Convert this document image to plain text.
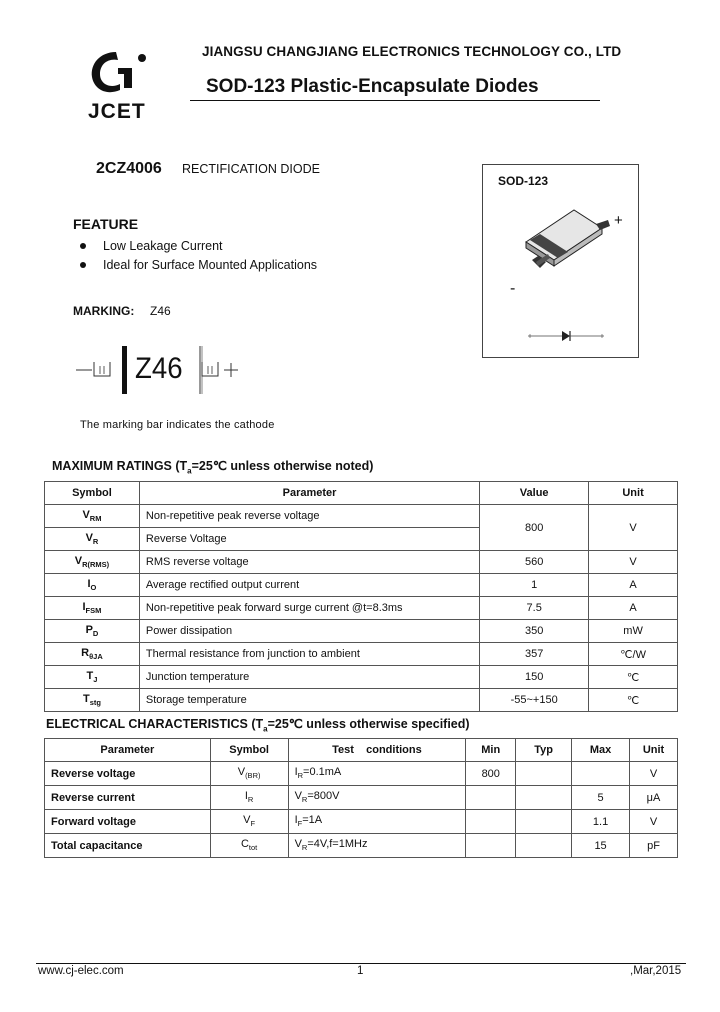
JCET
JIANGSU CHANGJIANG ELECTRONICS TECHNOLOGY CO., LTD
SOD-123 Plastic-Encapsulate Diodes
2CZ4006 RECTIFICATION DIODE
FEATURE
Low Leakage Current
Ideal for Surface Mounted Applications
MARKING: Z46
Z46
The marking bar indicates the cathode
SOD-123
+
-
MAXIMUM RATINGS ($T_a=25℃$ unless otherwise noted)
Symbol	Parameter	Value	Unit
$V_{RM}$	Non-repetitive peak reverse voltage	800	V
$V_R$	Reverse Voltage		
$V_{R(RMS)}$	RMS reverse voltage	560	V
$I_O$	Average rectified output current	1	A
$I_{FSM}$	Non-repetitive peak forward surge current @t=8.3ms	7.5	A
$P_D$	Power dissipation	350	mW
$R_{\theta JA}$	Thermal resistance from junction to ambient	357	℃/W
$T_J$	Junction temperature	150	℃
$T_{stg}$	Storage temperature	-55~+150	℃
ELECTRICAL CHARACTERISTICS ($T_a=25℃$ unless otherwise specified)
Parameter	Symbol	Test    conditions	Min	Typ	Max	Unit
Reverse voltage	$V_{(BR)}$	$I_R=0.1mA$	800			V
Reverse current	$I_R$	$V_R=800V$			5	μA
Forward voltage	$V_F$	$I_F=1A$			1.1	V
Total capacitance	$C_{tot}$	$V_R=4V,f=1MHz$			15	pF
www.cj-elec.com	1	,Mar,2015
